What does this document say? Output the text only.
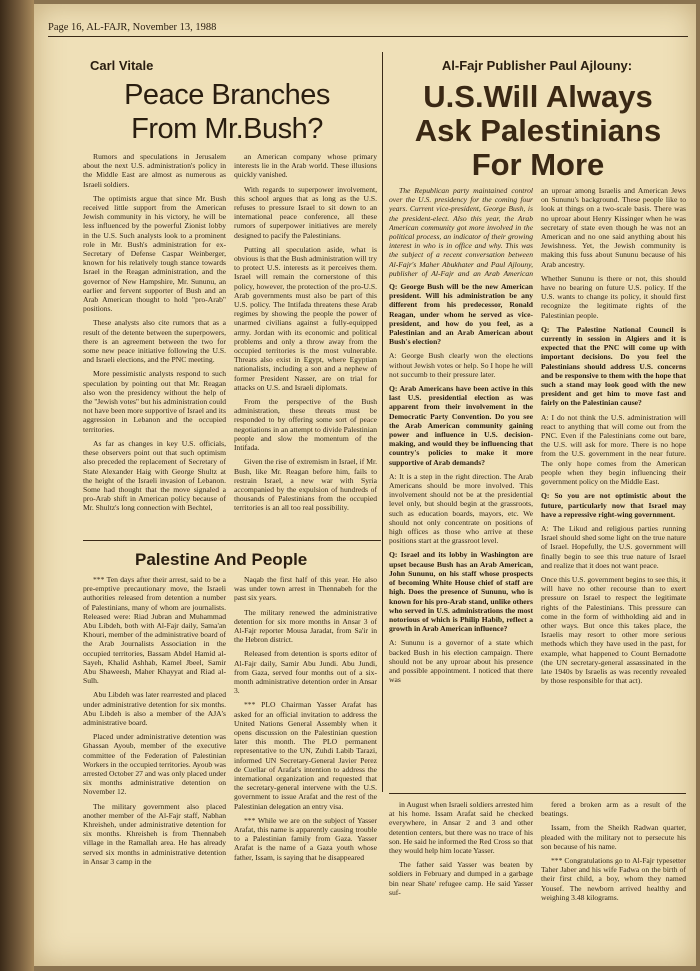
Page 16, AL-FAJR, November 13, 1988
Carl Vitale
Peace Branches
From Mr.Bush?

Rumors and speculations in Jerusalem about the next U.S. administration's policy in the Middle East are almost as numerous as Israeli soldiers.

The optimists argue that since Mr. Bush received little support from the American Jewish community in his victory, he will be less influenced by the powerful Zionist lobby in the U.S. Such analysts look to a prominent role in Mr. Bush's administration for ex-Secretary of Defense Caspar Weinberger, known for his relatively tough stance towards Israel in the Reagan administration, and the governor of New Hampshire, Mr. Sununu, an earlier and fervent supporter of Bush and an Arab American thought to hold "pro-Arab" positions.

These analysts also cite rumors that as a result of the detente between the superpowers, there is an agreement between the two for some new peace initiative following the U.S. and Israeli elections, and the PNC meeting.

More pessimistic analysts respond to such speculation by pointing out that Mr. Reagan also won the presidency without the help of the "Jewish votes" but his administration could not have been more supportive of Israel and its aggression in Lebanon and the occupied territories.

As far as changes in key U.S. officials, these observers point out that such optimism also preceded the replacement of Secretary of State Alexander Haig with George Shultz at the height of the Israeli invasion of Lebanon. Some had thought that the move signaled a pro-Arab shift in American policy because of Mr. Shultz's long connection with Bechtel,

an American company whose primary interests lie in the Arab world. These illusions quickly vanished.

With regards to superpower involvement, this school argues that as long as the U.S. refuses to pressure Israel to sit down to an international peace conference, all these rumors of superpower initiatives are merely designed to pacify the Palestinians.

Putting all speculation aside, what is obvious is that the Bush administration will try to protect U.S. interests as it perceives them. Israel will remain the cornerstone of this policy, however, the protection of the pro-U.S. Arab governments must also be part of this U.S. policy. The Intifada threatens these Arab regimes by showing the people the power of unarmed civilians against a fully-equipped army. Jordan with its economic and political problems and only a throw away from the occupied territories is the most vulnerable. Threats also exist in Egypt, where Egyptian nationalists, including a son and a nephew of former President Nasser, are on trial for attacks on U.S. and Israeli diplomats.

From the perspective of the Bush administration, these threats must be responded to by offering some sort of peace negotiations in an attempt to divide Palestinian people and slow the momentum of the Intifada.

Given the rise of extremism in Israel, if Mr. Bush, like Mr. Reagan before him, fails to restrain Israel, a new war with Syria accompanied by the expulsion of hundreds of thousands of Palestinians from the occupied territories is an all too real possibility.

Al-Fajr Publisher Paul Ajlouny:
U.S.Will Always
Ask Palestinians
For More

The Republican party maintained control over the U.S. presidency for the coming four years. Current vice-president, George Bush, is the president-elect. Also this year, the Arab American community got more involved in the political process, an indicator of their growing interest in who is in office and why. This was the subject of a recent conversation between Al-Fajr's Maher Abukhater and Paul Ajlouny, publisher of Al-Fajr and an Arab American

Q: George Bush will be the new American president. Will his administration be any different from his predecessor, Ronald Reagan, under whom he served as vice-president, and how do you feel, as a Palestinian and an Arab American about Bush's election?

A: George Bush clearly won the elections without Jewish votes or help. So I hope he will not succumb to their pressure later.

Q: Arab Americans have been active in this last U.S. presidential election as was apparent from their involvement in the Democratic Party Convention. Do you see the Arab American community gaining power and influence in U.S. decision-making, and would they be influencing that country's policies to make it more supportive of Arab demands?

A: It is a step in the right direction. The Arab Americans should be more involved. This involvement should not be at the presidential level only, but should begin at the grassroots, such as education boards, mayors, etc. We should not only concentrate on positions of high offices as those who arrive at these positions start at the grassroot level.

Q: Israel and its lobby in Washington are upset because Bush has an Arab American, John Sununu, on his staff whose prospects of becoming White House chief of staff are high. Does the presence of Sununu, who is known for his pro-Arab stand, unlike others who served in U.S. administrations the most notorious of which is Philip Habib, reflect a growth in Arab American influence?

A: Sununu is a governor of a state which backed Bush in his election campaign. There should not be any uproar about his presence and possible appointment. I noticed that there was

an uproar among Israelis and American Jews on Sununu's background. These people like to look at things on a two-scale basis. There was no uproar about Henry Kissinger when he was secretary of state even though he was not an American and no one said anything about his Jewishness. Yet, the Jewish community is making this fuss about Sununu because of his Arab ancestry.

Whether Sununu is there or not, this should have no bearing on future U.S. policy. If the U.S. wants to change its policy, it should first recognize the legitimate rights of the Palestinian people.

Q: The Palestine National Council is currently in session in Algiers and it is expected that the PNC will come up with important decisions. Do you feel the Palestinians should address U.S. concerns and be responsive to them with the hope that such a stand may look good with the new president and get him to move fast and fairly on the Palestinian cause?

A: I do not think the U.S. administration will react to anything that will come out from the PNC. Even if the Palestinians come out bare, the U.S. will ask for more. There is no hope from the U.S. government in the near future. The only hope comes from the American people when they begin influencing their government policy on the Middle East.

Q: So you are not optimistic about the future, particularly now that Israel may have a repressive right-wing government.

A: The Likud and religious parties running Israel should shed some light on the true nature of Israel. Hopefully, the U.S. government will finally begin to see this true nature of Israel and realize that it does not want peace.

Once this U.S. government begins to see this, it will have no other recourse than to exert pressure on Israel to respect the legitimate rights of the Palestinians. This pressure can come in the form of withholding aid and in other ways. But once this takes place, the Israelis may resort to other more serious methods which they have used in the past, for example, what happened to Count Bernadotte (the UN secretary-general assassinated in the late 1940s by Israelis as was recently revealed by those responsible for that act).

Palestine And People

*** Ten days after their arrest, said to be a pre-emptive precautionary move, the Israeli authorities released from detention a number of Palestinians, many of whom are journalists. Released were: Riad Jubran and Muhammad Abu Libdeh, both with Al-Fajr daily, Sama'an Khouri, member of the administrative board of the Arab Journalists Association in the occupied territories, Bassam Abdel Hamid al-Sayeh, Khalid Ashhab, Kamel Jbeel, Samir Abu Shaweesh, Maher Khayyat and Riad al-Sulh.

Abu Libdeh was later rearrested and placed under administrative detention for six months. Abu Libdeh is also a member of the AJA's administrative board.

Placed under administrative detention was Ghassan Ayoub, member of the executive committee of the Federation of Palestinian Workers in the occupied territories. Ayoub was arrested October 27 and was only placed under six months administrative detention on November 12.

The military government also placed another member of the Al-Fajr staff, Nabhan Khreisheh, under administrative detention for six months. Khreisheh is from Thennabeh village in the Ramallah area. He has already served six months in administrative detention in Ansar 3 camp in the

Naqab the first half of this year. He also was under town arrest in Thennabeh for the past six years.

The military renewed the administrative detention for six more months in Ansar 3 of Al-Fajr reporter Mousa Jaradat, from Sa'ir in the Hebron district.

Released from detention is sports editor of Al-Fajr daily, Samir Abu Jundi. Abu Jundi, from Gaza, served four months out of a six-month administrative detention order in Ansar 3.

*** PLO Chairman Yasser Arafat has asked for an official invitation to address the United Nations General Assembly when it opens discussion on the Palestinian question later this month. The PLO permanent representative to the UN, Zuhdi Labib Tarazi, informed UN Secretary-General Javier Perez de Cuellar of Arafat's intention to address the international organization and requested that the secretary-general intervene with the U.S. government to issue Arafat and the rest of the Palestinian delegation an entry visa.

*** While we are on the subject of Yasser Arafat, this name is apparently causing trouble to a Palestinian family from Gaza. Yasser Arafat is the name of a Gaza youth whose father, Issam, is saying that he disappeared

in August when Israeli soldiers arrested him at his home. Issam Arafat said he checked everywhere, in Ansar 2 and 3 and other detention centers, but there was no trace of his son. He said he informed the Red Cross so that they would help him locate Yasser.

The father said Yasser was beaten by soldiers in February and dumped in a garbage bin near Shate' refugee camp. He said Yasser suf-

fered a broken arm as a result of the beatings.

Issam, from the Sheikh Radwan quarter, pleaded with the military not to persecute his son because of his name.

*** Congratulations go to Al-Fajr typesetter Taher Jaber and his wife Fadwa on the birth of their first child, a boy, whom they named Yousef. The newborn arrived healthy and weighing 3.48 kilograms.
